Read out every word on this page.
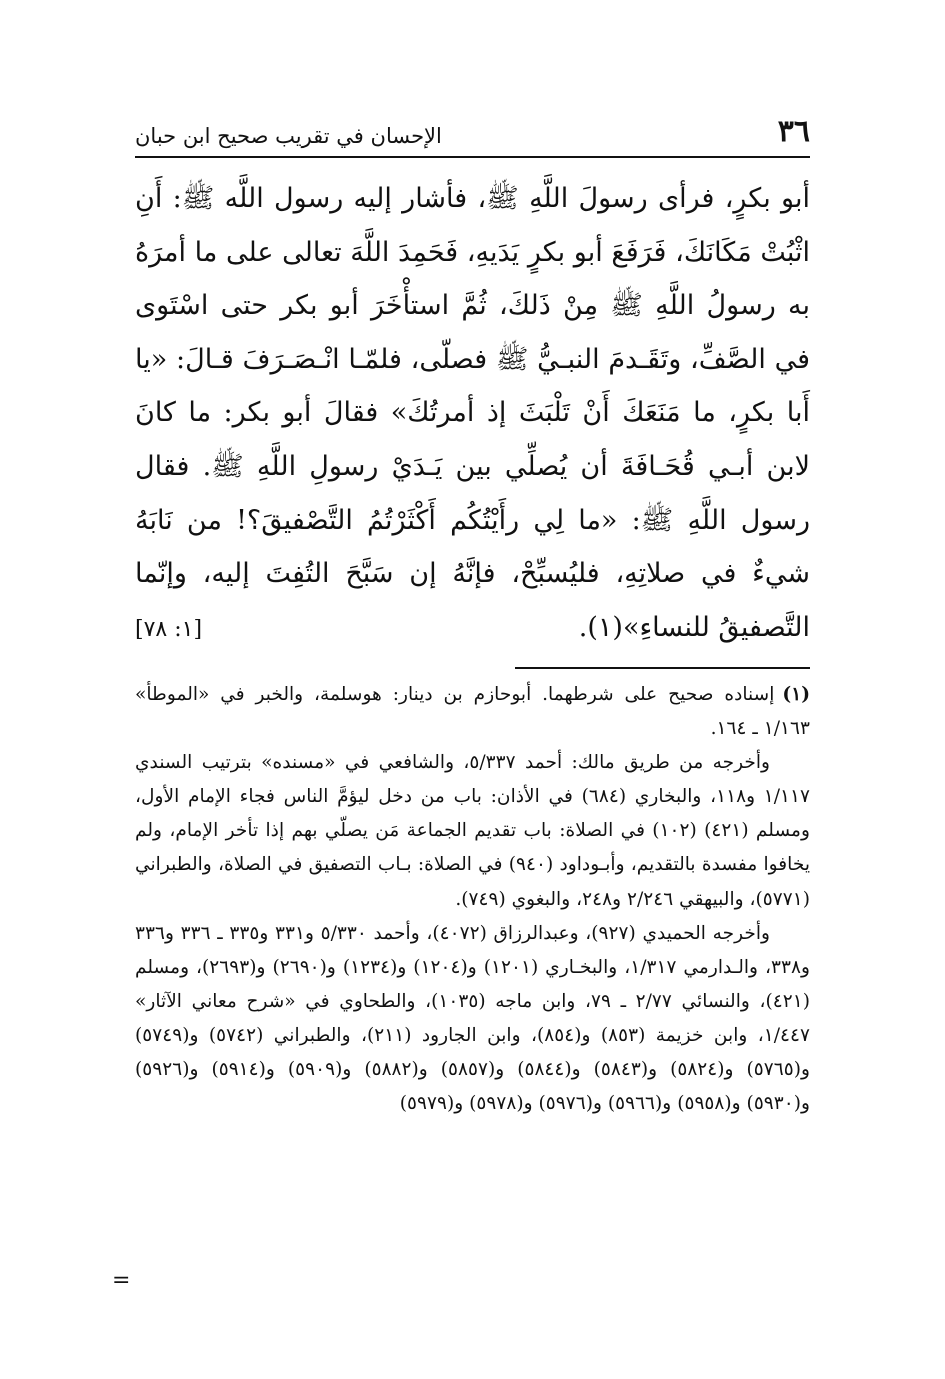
٣٦
الإحسان في تقريب صحيح ابن حبان

أبو بكرٍ، فرأى رسولَ اللَّهِ ﷺ، فأشار إليه رسول اللَّه ﷺ: أَنِ اثْبُتْ مَكَانَكَ، فَرَفَعَ أبو بكرٍ يَدَيهِ، فَحَمِدَ اللَّهَ تعالى على ما أمرَهُ به رسولُ اللَّهِ ﷺ مِنْ ذَلكَ، ثُمَّ استأْخَرَ أبو بكر حتى اسْتَوى في الصَّفِّ، وتَقَـدمَ النبـيُّ ﷺ فصلّى، فلمّـا انْـصَـرَفَ قـالَ: «يا أَبا بكرٍ، ما مَنَعَكَ أَنْ تَلْبَثَ إذ أمرتُكَ» فقالَ أبو بكر: ما كانَ لابن أبـي قُحَـافَةَ أن يُصلِّي بين يَـدَيْ رسولِ اللَّهِ ﷺ. فقال رسول اللَّهِ ﷺ: «ما لِي رأَيْتُكُم أَكْثَرْتُمُ التَّصْفيقَ؟! من نَابَهُ شيءٌ في صلاتِهِ، فليُسبِّحْ، فإنَّهُ إن سَبَّحَ التُفِتَ إليه، وإنّما التَّصفيقُ للنساءِ»(١).

[١: ٧٨]

(١)إسناده صحيح على شرطهما. أبوحازم بن دينار: هوسلمة، والخبر في «الموطأ» ١/١٦٣ ـ ١٦٤.

وأخرجه من طريق مالك: أحمد ٥/٣٣٧، والشافعي في «مسنده» بترتيب السندي ١/١١٧ و١١٨، والبخاري (٦٨٤) في الأذان: باب من دخل ليؤمَّ الناس فجاء الإمام الأول، ومسلم (٤٢١) (١٠٢) في الصلاة: باب تقديم الجماعة مَن يصلّي بهم إذا تأخر الإمام، ولم يخافوا مفسدة بالتقديم، وأبـوداود (٩٤٠) في الصلاة: بـاب التصفيق في الصلاة، والطبراني (٥٧٧١)، والبيهقي ٢/٢٤٦ و٢٤٨، والبغوي (٧٤٩).

وأخرجه الحميدي (٩٢٧)، وعبدالرزاق (٤٠٧٢)، وأحمد ٥/٣٣٠ و٣٣١ و٣٣٥ ـ ٣٣٦ و٣٣٦ و٣٣٨، والـدارمي ١/٣١٧، والبخـاري (١٢٠١) و(١٢٠٤) و(١٢٣٤) و(٢٦٩٠) و(٢٦٩٣)، ومسلم (٤٢١)، والنسائي ٢/٧٧ ـ ٧٩، وابن ماجه (١٠٣٥)، والطحاوي في «شرح معاني الآثار» ١/٤٤٧، وابن خزيمة (٨٥٣) و(٨٥٤)، وابن الجارود (٢١١)، والطبراني (٥٧٤٢) و(٥٧٤٩) و(٥٧٦٥) و(٥٨٢٤) و(٥٨٤٣) و(٥٨٤٤) و(٥٨٥٧) و(٥٨٨٢) و(٥٩٠٩) و(٥٩١٤) و(٥٩٢٦) و(٥٩٣٠) و(٥٩٥٨) و(٥٩٦٦) و(٥٩٧٦) و(٥٩٧٨) و(٥٩٧٩)

=
